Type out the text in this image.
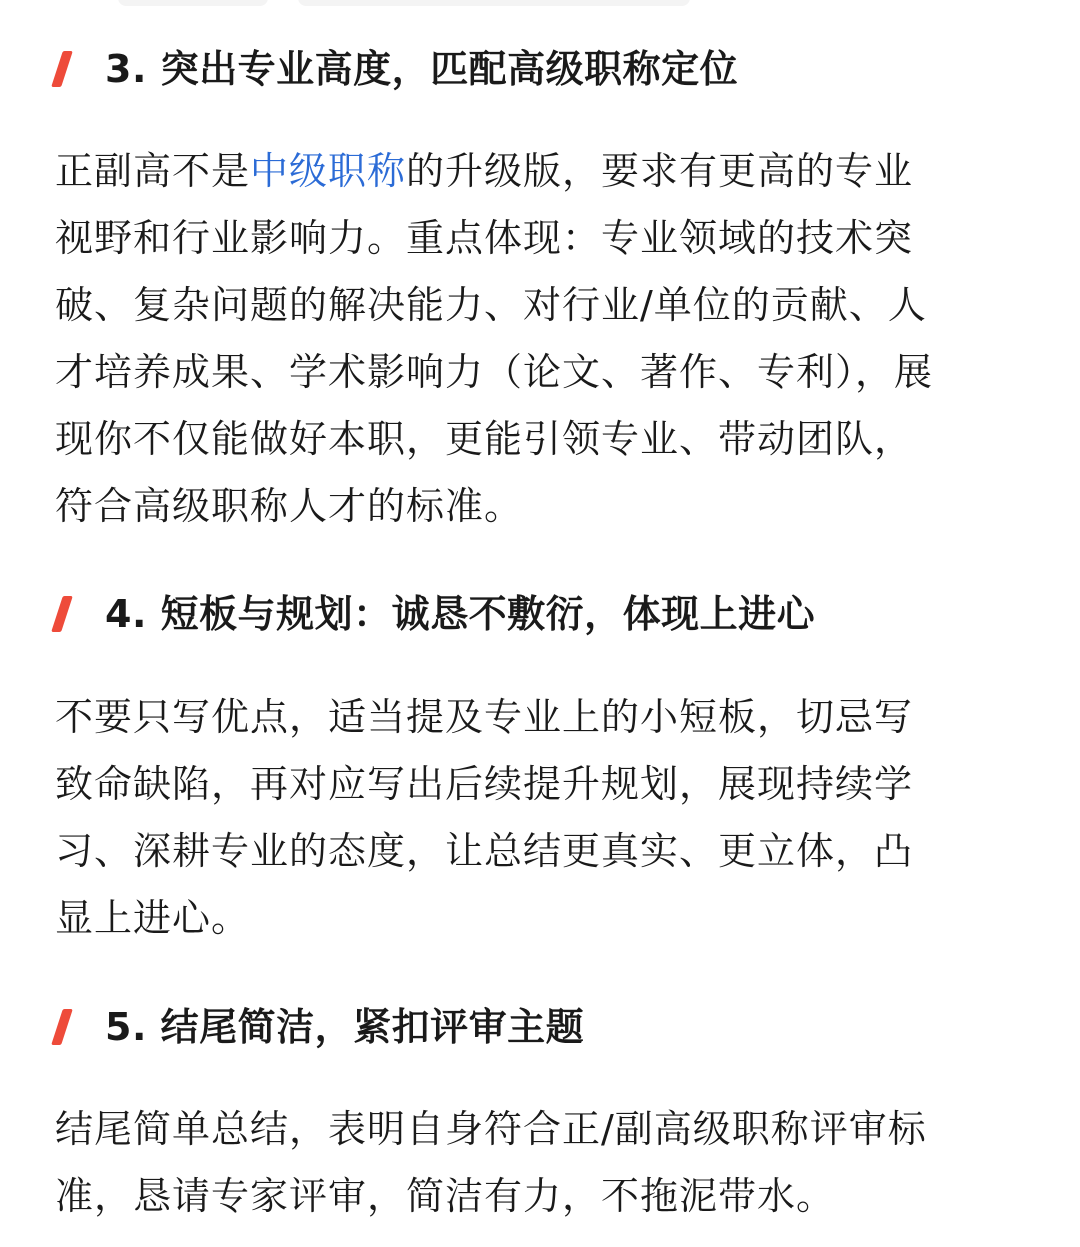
3. 突出专业高度，匹配高级职称定位
正副高不是中级职称的升级版，要求有更高的专业
视野和行业影响力。重点体现：专业领域的技术突
破、复杂问题的解决能力、对行业/单位的贡献、人
才培养成果、学术影响力（论文、著作、专利），展
现你不仅能做好本职，更能引领专业、带动团队，
符合高级职称人才的标准。
4. 短板与规划：诚恳不敷衍，体现上进心
不要只写优点，适当提及专业上的小短板，切忌写
致命缺陷，再对应写出后续提升规划，展现持续学
习、深耕专业的态度，让总结更真实、更立体，凸
显上进心。
5. 结尾简洁，紧扣评审主题
结尾简单总结，表明自身符合正/副高级职称评审标
准，恳请专家评审，简洁有力，不拖泥带水。
